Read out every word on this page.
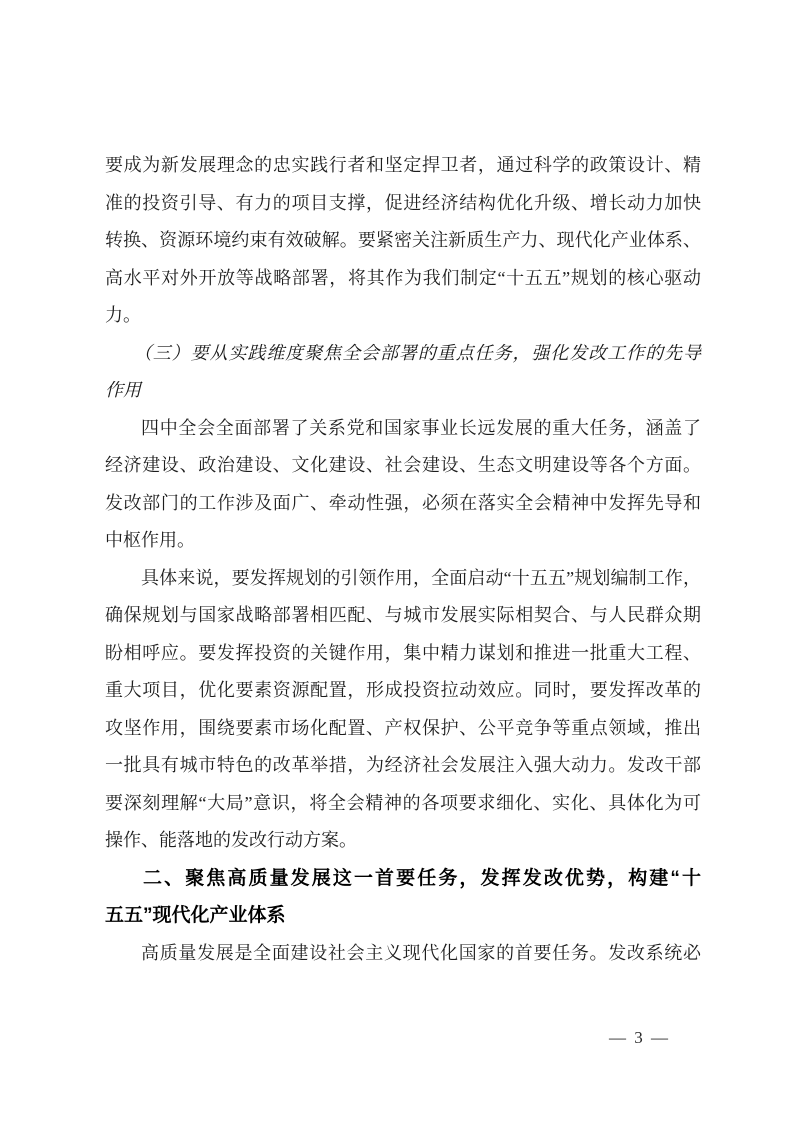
要成为新发展理念的忠实践行者和坚定捍卫者，通过科学的政策设计、精
准的投资引导、有力的项目支撑，促进经济结构优化升级、增长动力加快
转换、资源环境约束有效破解。要紧密关注新质生产力、现代化产业体系、
高水平对外开放等战略部署，将其作为我们制定“十五五”规划的核心驱动
力。
（三）要从实践维度聚焦全会部署的重点任务，强化发改工作的先导
作用
四中全会全面部署了关系党和国家事业长远发展的重大任务，涵盖了
经济建设、政治建设、文化建设、社会建设、生态文明建设等各个方面。
发改部门的工作涉及面广、牵动性强，必须在落实全会精神中发挥先导和
中枢作用。
具体来说，要发挥规划的引领作用，全面启动“十五五”规划编制工作，
确保规划与国家战略部署相匹配、与城市发展实际相契合、与人民群众期
盼相呼应。要发挥投资的关键作用，集中精力谋划和推进一批重大工程、
重大项目，优化要素资源配置，形成投资拉动效应。同时，要发挥改革的
攻坚作用，围绕要素市场化配置、产权保护、公平竞争等重点领域，推出
一批具有城市特色的改革举措，为经济社会发展注入强大动力。发改干部
要深刻理解“大局”意识，将全会精神的各项要求细化、实化、具体化为可
操作、能落地的发改行动方案。
二、聚焦高质量发展这一首要任务，发挥发改优势，构建“十
五五”现代化产业体系
高质量发展是全面建设社会主义现代化国家的首要任务。发改系统必
— 3 —
